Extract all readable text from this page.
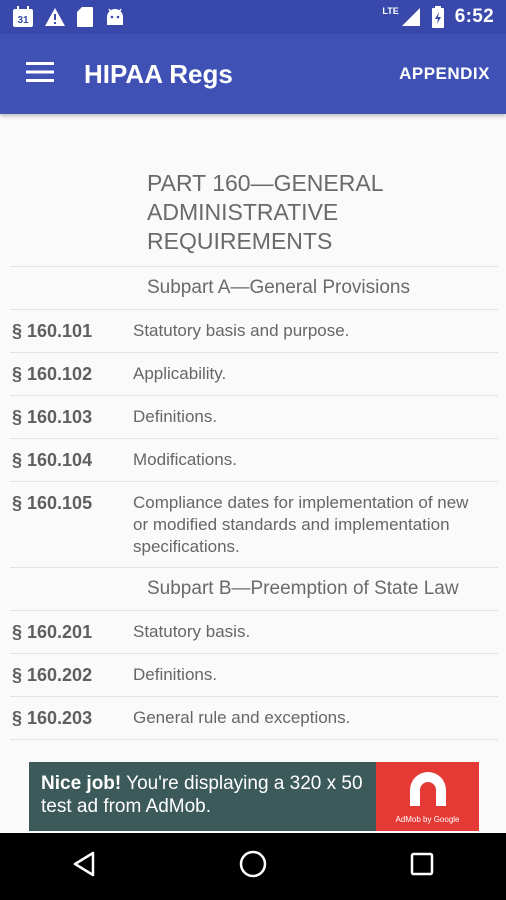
31
LTE	6:52
HIPAA Regs	APPENDIX
PART 160—GENERAL ADMINISTRATIVE REQUIREMENTS
Subpart A—General Provisions
§ 160.101	Statutory basis and purpose.
§ 160.102	Applicability.
§ 160.103	Definitions.
§ 160.104	Modifications.
§ 160.105	Compliance dates for implementation of new or modified standards and implementation specifications.
Subpart B—Preemption of State Law
§ 160.201	Statutory basis.
§ 160.202	Definitions.
§ 160.203	General rule and exceptions.
Nice job! You're displaying a 320 x 50 test ad from AdMob.
AdMob by Google
